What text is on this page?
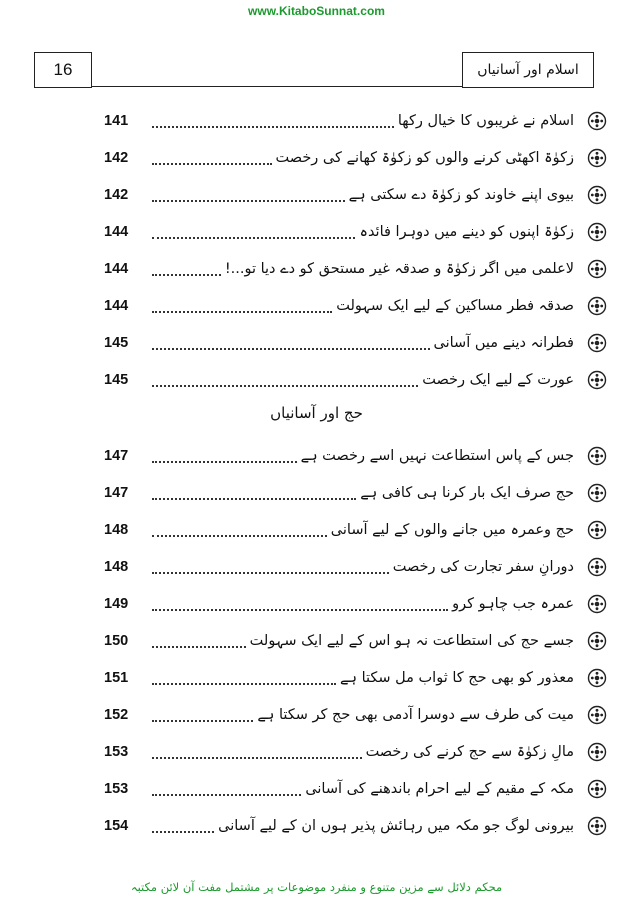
www.KitaboSunnat.com
16	اسلام اور آسانیاں
اسلام نے غریبوں کا خیال رکھا
141
زکوٰۃ اکھٹی کرنے والوں کو زکوٰۃ کھانے کی رخصت
142
بیوی اپنے خاوند کو زکوٰۃ دے سکتی ہے
142
زکوٰۃ اپنوں کو دینے میں دوہرا فائدہ
144
لاعلمی میں اگر زکوٰۃ و صدقہ غیر مستحق کو دے دیا تو...!
144
صدقہ فطر مساکین کے لیے ایک سہولت
144
فطرانہ دینے میں آسانی
145
عورت کے لیے ایک رخصت
145
حج اور آسانیاں
جس کے پاس استطاعت نہیں اسے رخصت ہے
147
حج صرف ایک بار کرنا ہی کافی ہے
147
حج وعمرہ میں جانے والوں کے لیے آسانی
148
دورانِ سفر تجارت کی رخصت
148
عمرہ جب چاہو کرو
149
جسے حج کی استطاعت نہ ہو اس کے لیے ایک سہولت
150
معذور کو بھی حج کا ثواب مل سکتا ہے
151
میت کی طرف سے دوسرا آدمی بھی حج کر سکتا ہے
152
مالِ زکوٰۃ سے حج کرنے کی رخصت
153
مکہ کے مقیم کے لیے احرام باندھنے کی آسانی
153
بیرونی لوگ جو مکہ میں رہائش پذیر ہوں ان کے لیے آسانی
154
محکم دلائل سے مزین متنوع و منفرد موضوعات پر مشتمل مفت آن لائن مکتبہ
